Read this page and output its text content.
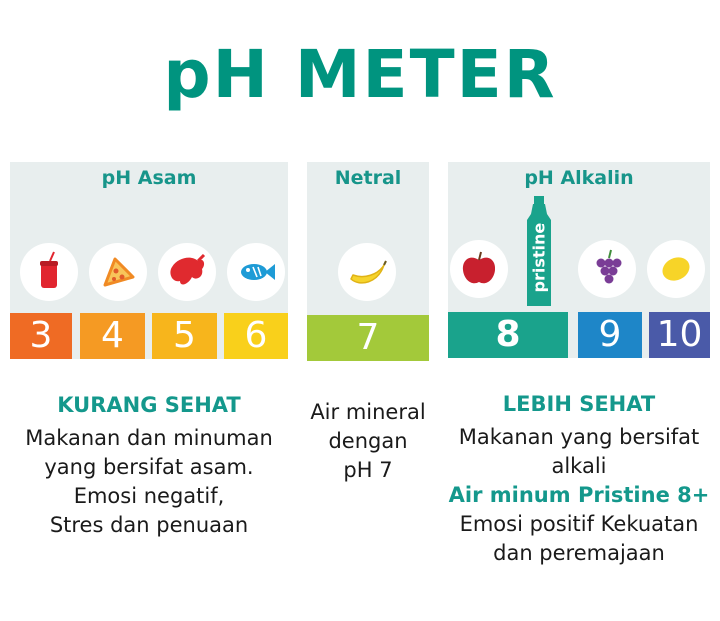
pH METER
pH Asam
3	4	5	6
Netral
7
pH Alkalin
pristine
8	9 10
KURANG SEHAT
Makanan dan minuman
yang bersifat asam.
Emosi negatif,
Stres dan penuaan
Air mineral
dengan
pH 7
LEBIH SEHAT
Makanan yang bersifat
alkali
Air minum Pristine 8+
Emosi positif Kekuatan
dan peremajaan
